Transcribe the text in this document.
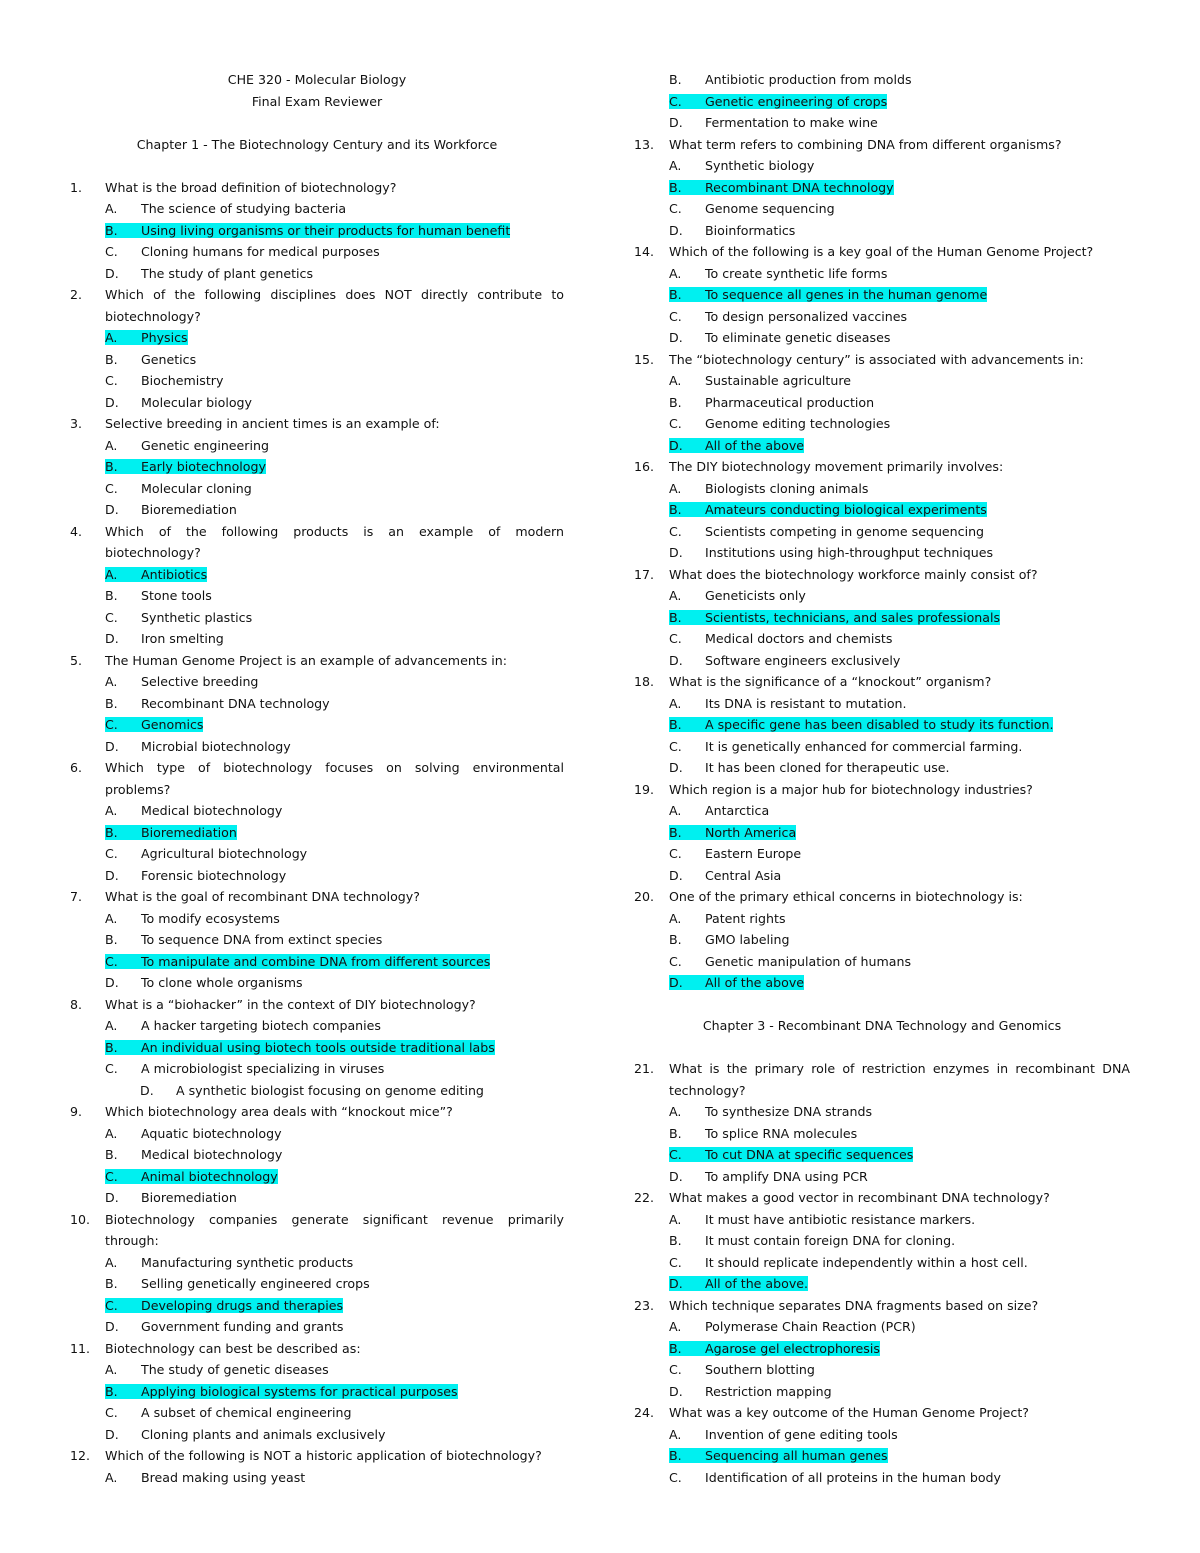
CHE 320 - Molecular Biology
Final Exam Reviewer
Chapter 1 - The Biotechnology Century and its Workforce
1. What is the broad definition of biotechnology?
A. The science of studying bacteria
B. Using living organisms or their products for human benefit
C. Cloning humans for medical purposes
D. The study of plant genetics
2. Which of the following disciplines does NOT directly contribute to biotechnology?
A. Physics
B. Genetics
C. Biochemistry
D. Molecular biology
3. Selective breeding in ancient times is an example of:
A. Genetic engineering
B. Early biotechnology
C. Molecular cloning
D. Bioremediation
4. Which of the following products is an example of modern biotechnology?
A. Antibiotics
B. Stone tools
C. Synthetic plastics
D. Iron smelting
5. The Human Genome Project is an example of advancements in:
A. Selective breeding
B. Recombinant DNA technology
C. Genomics
D. Microbial biotechnology
6. Which type of biotechnology focuses on solving environmental problems?
A. Medical biotechnology
B. Bioremediation
C. Agricultural biotechnology
D. Forensic biotechnology
7. What is the goal of recombinant DNA technology?
A. To modify ecosystems
B. To sequence DNA from extinct species
C. To manipulate and combine DNA from different sources
D. To clone whole organisms
8. What is a “biohacker” in the context of DIY biotechnology?
A. A hacker targeting biotech companies
B. An individual using biotech tools outside traditional labs
C. A microbiologist specializing in viruses
D. A synthetic biologist focusing on genome editing
9. Which biotechnology area deals with “knockout mice”?
A. Aquatic biotechnology
B. Medical biotechnology
C. Animal biotechnology
D. Bioremediation
10. Biotechnology companies generate significant revenue primarily through:
A. Manufacturing synthetic products
B. Selling genetically engineered crops
C. Developing drugs and therapies
D. Government funding and grants
11. Biotechnology can best be described as:
A. The study of genetic diseases
B. Applying biological systems for practical purposes
C. A subset of chemical engineering
D. Cloning plants and animals exclusively
12. Which of the following is NOT a historic application of biotechnology?
A. Bread making using yeast
B. Antibiotic production from molds
C. Genetic engineering of crops
D. Fermentation to make wine
13. What term refers to combining DNA from different organisms?
A. Synthetic biology
B. Recombinant DNA technology
C. Genome sequencing
D. Bioinformatics
14. Which of the following is a key goal of the Human Genome Project?
A. To create synthetic life forms
B. To sequence all genes in the human genome
C. To design personalized vaccines
D. To eliminate genetic diseases
15. The “biotechnology century” is associated with advancements in:
A. Sustainable agriculture
B. Pharmaceutical production
C. Genome editing technologies
D. All of the above
16. The DIY biotechnology movement primarily involves:
A. Biologists cloning animals
B. Amateurs conducting biological experiments
C. Scientists competing in genome sequencing
D. Institutions using high-throughput techniques
17. What does the biotechnology workforce mainly consist of?
A. Geneticists only
B. Scientists, technicians, and sales professionals
C. Medical doctors and chemists
D. Software engineers exclusively
18. What is the significance of a “knockout” organism?
A. Its DNA is resistant to mutation.
B. A specific gene has been disabled to study its function.
C. It is genetically enhanced for commercial farming.
D. It has been cloned for therapeutic use.
19. Which region is a major hub for biotechnology industries?
A. Antarctica
B. North America
C. Eastern Europe
D. Central Asia
20. One of the primary ethical concerns in biotechnology is:
A. Patent rights
B. GMO labeling
C. Genetic manipulation of humans
D. All of the above
Chapter 3 - Recombinant DNA Technology and Genomics
21. What is the primary role of restriction enzymes in recombinant DNA technology?
A. To synthesize DNA strands
B. To splice RNA molecules
C. To cut DNA at specific sequences
D. To amplify DNA using PCR
22. What makes a good vector in recombinant DNA technology?
A. It must have antibiotic resistance markers.
B. It must contain foreign DNA for cloning.
C. It should replicate independently within a host cell.
D. All of the above.
23. Which technique separates DNA fragments based on size?
A. Polymerase Chain Reaction (PCR)
B. Agarose gel electrophoresis
C. Southern blotting
D. Restriction mapping
24. What was a key outcome of the Human Genome Project?
A. Invention of gene editing tools
B. Sequencing all human genes
C. Identification of all proteins in the human body
